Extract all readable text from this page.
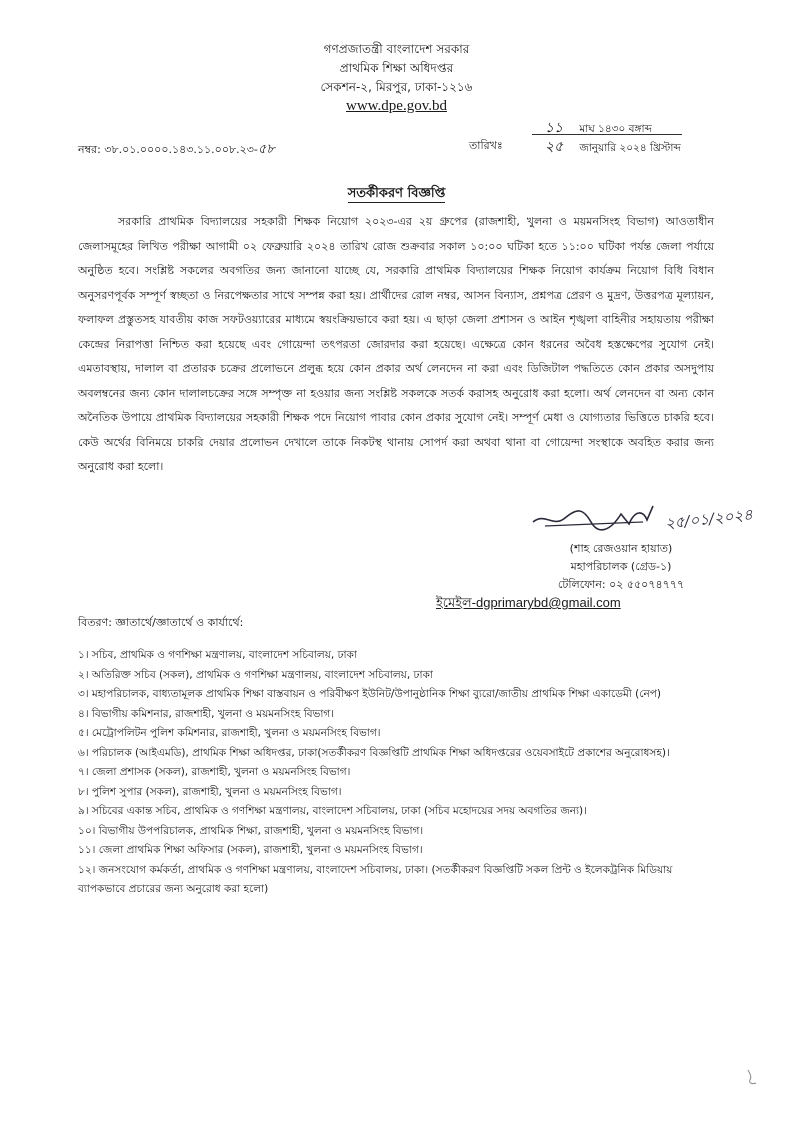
গণপ্রজাতন্ত্রী বাংলাদেশ সরকার
প্রাথমিক শিক্ষা অধিদপ্তর
সেকশন-২, মিরপুর, ঢাকা-১২১৬
www.dpe.gov.bd
নম্বর: ৩৮.০১.০০০০.১৪৩.১১.০০৮.২৩-৫৮	তারিখঃ
১১ মাঘ ১৪৩০ বঙ্গাব্দ
২৫ জানুয়ারি ২০২৪ খ্রিস্টাব্দ
সতর্কীকরণ বিজ্ঞপ্তি

সরকারি প্রাথমিক বিদ্যালয়ের সহকারী শিক্ষক নিয়োগ ২০২৩-এর ২য় গ্রুপের (রাজশাহী, খুলনা ও ময়মনসিংহ বিভাগ) আওতাধীন জেলাসমূহের লিখিত পরীক্ষা আগামী ০২ ফেব্রুয়ারি ২০২৪ তারিখ রোজ শুক্রবার সকাল ১০:০০ ঘটিকা হতে ১১:০০ ঘটিকা পর্যন্ত জেলা পর্যায়ে অনুষ্ঠিত হবে। সংশ্লিষ্ট সকলের অবগতির জন্য জানানো যাচ্ছে যে, সরকারি প্রাথমিক বিদ্যালয়ের শিক্ষক নিয়োগ কার্যক্রম নিয়োগ বিধি বিধান অনুসরণপূর্বক সম্পূর্ণ স্বচ্ছতা ও নিরপেক্ষতার সাথে সম্পন্ন করা হয়। প্রার্থীদের রোল নম্বর, আসন বিন্যাস, প্রশ্নপত্র প্রেরণ ও মুদ্রণ, উত্তরপত্র মূল্যায়ন, ফলাফল প্রস্তুতসহ যাবতীয় কাজ সফটওয়্যারের মাধ্যমে স্বয়ংক্রিয়ভাবে করা হয়। এ ছাড়া জেলা প্রশাসন ও আইন শৃঙ্খলা বাহিনীর সহায়তায় পরীক্ষা কেন্দ্রের নিরাপত্তা নিশ্চিত করা হয়েছে এবং গোয়েন্দা তৎপরতা জোরদার করা হয়েছে। এক্ষেত্রে কোন ধরনের অবৈধ হস্তক্ষেপের সুযোগ নেই। এমতাবস্থায়, দালাল বা প্রতারক চক্রের প্রলোভনে প্রলুব্ধ হয়ে কোন প্রকার অর্থ লেনদেন না করা এবং ডিজিটাল পদ্ধতিতে কোন প্রকার অসদুপায় অবলম্বনের জন্য কোন দালালচক্রের সঙ্গে সম্পৃক্ত না হওয়ার জন্য সংশ্লিষ্ট সকলকে সতর্ক করাসহ অনুরোধ করা হলো। অর্থ লেনদেন বা অন্য কোন অনৈতিক উপায়ে প্রাথমিক বিদ্যালয়ের সহকারী শিক্ষক পদে নিয়োগ পাবার কোন প্রকার সুযোগ নেই। সম্পূর্ণ মেধা ও যোগ্যতার ভিত্তিতে চাকরি হবে। কেউ অর্থের বিনিময়ে চাকরি দেয়ার প্রলোভন দেখালে তাকে নিকটস্থ থানায় সোপর্দ করা অথবা থানা বা গোয়েন্দা সংস্থাকে অবহিত করার জন্য অনুরোধ করা হলো।

২৫/০১/২০২৪
(শাহ রেজওয়ান হায়াত)
মহাপরিচালক (গ্রেড-১)
টেলিফোন: ০২ ৫৫০৭৪৭৭৭
ইমেইল-dgprimarybd@gmail.com
বিতরণ: জ্ঞাতার্থে/জ্ঞাতার্থে ও কার্যার্থে:
১। সচিব, প্রাথমিক ও গণশিক্ষা মন্ত্রণালয়, বাংলাদেশ সচিবালয়, ঢাকা
২। অতিরিক্ত সচিব (সকল), প্রাথমিক ও গণশিক্ষা মন্ত্রণালয়, বাংলাদেশ সচিবালয়, ঢাকা
৩। মহাপরিচালক, বাধ্যতামূলক প্রাথমিক শিক্ষা বাস্তবায়ন ও পরিবীক্ষণ ইউনিট/উপানুষ্ঠানিক শিক্ষা ব্যুরো/জাতীয় প্রাথমিক শিক্ষা একাডেমী (নেপ)
৪। বিভাগীয় কমিশনার, রাজশাহী, খুলনা ও ময়মনসিংহ বিভাগ।
৫। মেট্রোপলিটন পুলিশ কমিশনার, রাজশাহী, খুলনা ও ময়মনসিংহ বিভাগ।
৬। পরিচালক (আইএমডি), প্রাথমিক শিক্ষা অধিদপ্তর, ঢাকা(সতর্কীকরণ বিজ্ঞপ্তিটি প্রাথমিক শিক্ষা অধিদপ্তরের ওয়েবসাইটে প্রকাশের অনুরোধসহ)।
৭। জেলা প্রশাসক (সকল), রাজশাহী, খুলনা ও ময়মনসিংহ বিভাগ।
৮। পুলিশ সুপার (সকল), রাজশাহী, খুলনা ও ময়মনসিংহ বিভাগ।
৯। সচিবের একান্ত সচিব, প্রাথমিক ও গণশিক্ষা মন্ত্রণালয়, বাংলাদেশ সচিবালয়, ঢাকা (সচিব মহোদয়ের সদয় অবগতির জন্য)।
১০। বিভাগীয় উপপরিচালক, প্রাথমিক শিক্ষা, রাজশাহী, খুলনা ও ময়মনসিংহ বিভাগ।
১১। জেলা প্রাথমিক শিক্ষা অফিসার (সকল), রাজশাহী, খুলনা ও ময়মনসিংহ বিভাগ।
১২। জনসংযোগ কর্মকর্তা, প্রাথমিক ও গণশিক্ষা মন্ত্রণালয়, বাংলাদেশ সচিবালয়, ঢাকা। (সতর্কীকরণ বিজ্ঞপ্তিটি সকল প্রিন্ট ও ইলেকট্রনিক মিডিয়ায় ব্যাপকভাবে প্রচারের জন্য অনুরোধ করা হলো)
